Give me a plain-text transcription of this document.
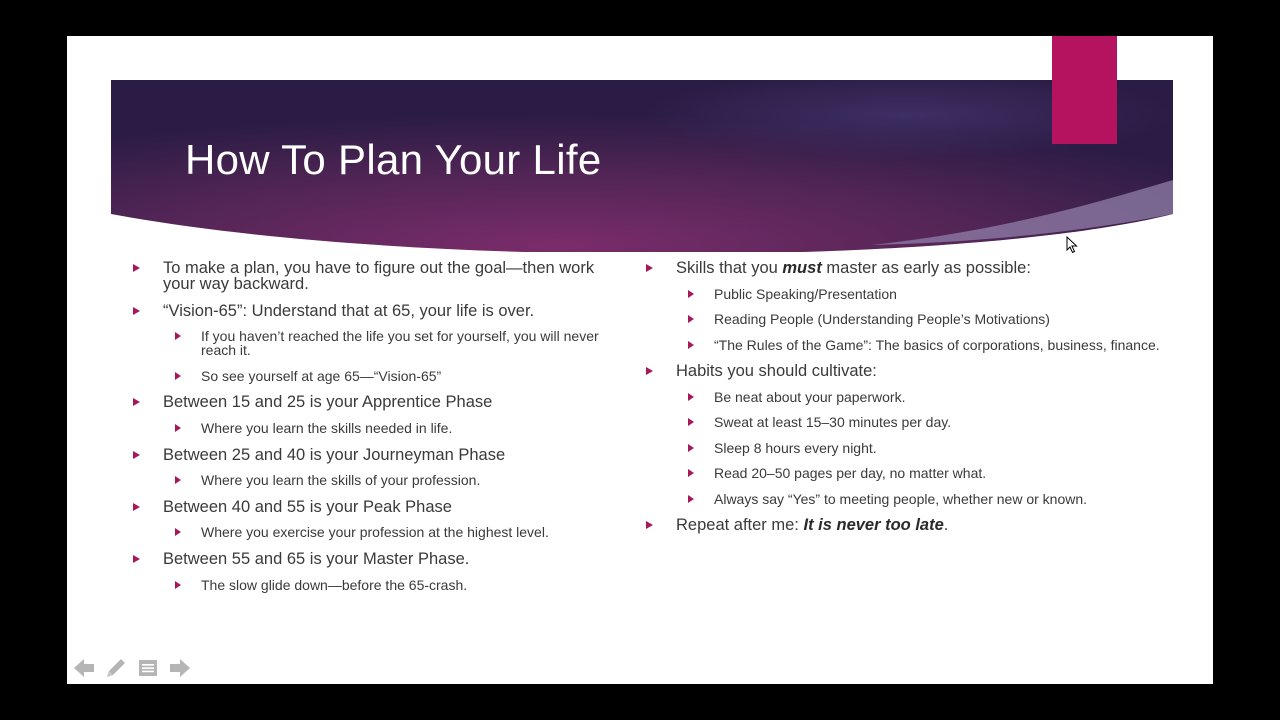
How To Plan Your Life
To make a plan, you have to figure out the goal—then work your way backward.
“Vision-65”: Understand that at 65, your life is over.
If you haven’t reached the life you set for yourself, you will never reach it.
So see yourself at age 65—“Vision-65”
Between 15 and 25 is your Apprentice Phase
Where you learn the skills needed in life.
Between 25 and 40 is your Journeyman Phase
Where you learn the skills of your profession.
Between 40 and 55 is your Peak Phase
Where you exercise your profession at the highest level.
Between 55 and 65 is your Master Phase.
The slow glide down—before the 65-crash.
Skills that you must master as early as possible:
Public Speaking/Presentation
Reading People (Understanding People’s Motivations)
“The Rules of the Game”: The basics of corporations, business, finance.
Habits you should cultivate:
Be neat about your paperwork.
Sweat at least 15–30 minutes per day.
Sleep 8 hours every night.
Read 20–50 pages per day, no matter what.
Always say “Yes” to meeting people, whether new or known.
Repeat after me: It is never too late.
